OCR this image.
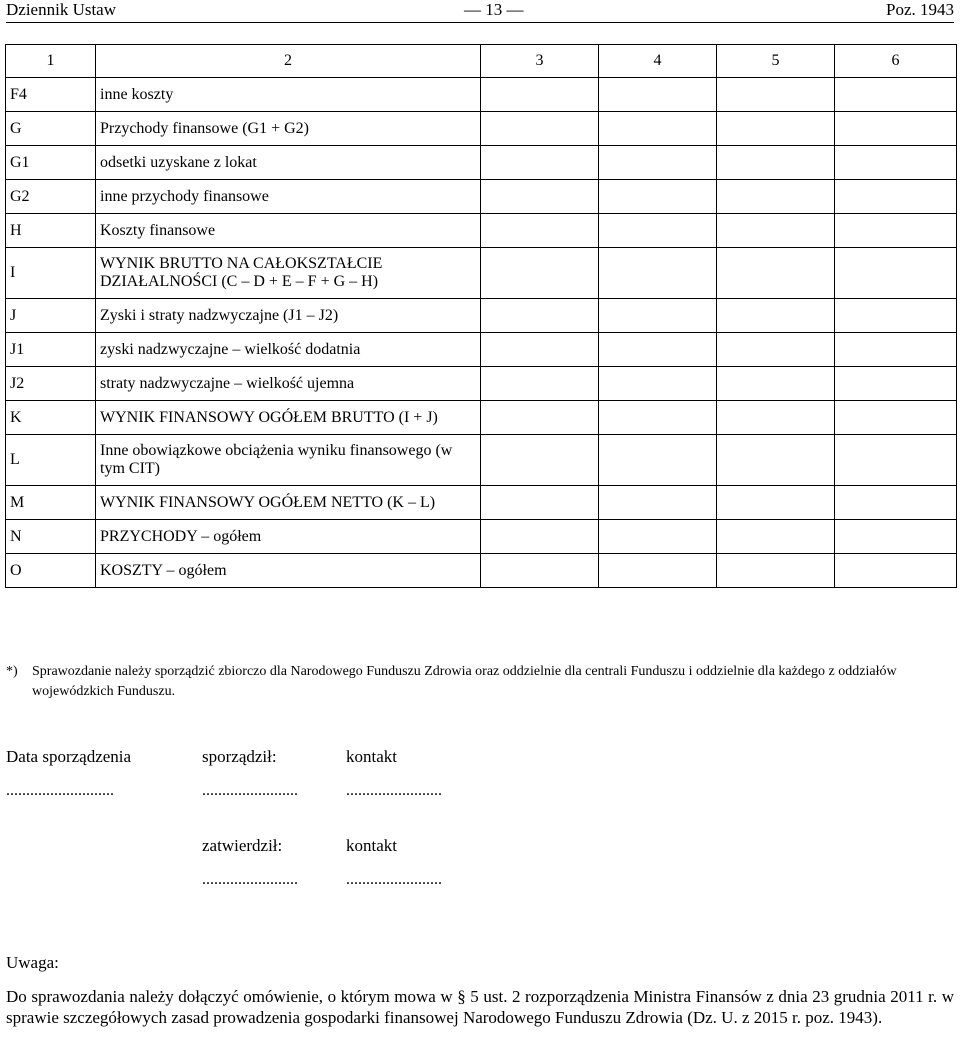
Dziennik Ustaw	— 13 —	Poz. 1943
1	2	3	4	5	6
F4	inne koszty				
G	Przychody finansowe (G1 + G2)				
G1	odsetki uzyskane z lokat				
G2	inne przychody finansowe				
H	Koszty finansowe				
I	WYNIK BRUTTO NA CAŁOKSZTAŁCIE DZIAŁALNOŚCI (C – D + E – F + G – H)				
J	Zyski i straty nadzwyczajne (J1 – J2)				
J1	zyski nadzwyczajne – wielkość dodatnia				
J2	straty nadzwyczajne – wielkość ujemna				
K	WYNIK FINANSOWY OGÓŁEM BRUTTO (I + J)				
L	Inne obowiązkowe obciążenia wyniku finansowego (w tym CIT)				
M	WYNIK FINANSOWY OGÓŁEM NETTO (K – L)				
N	PRZYCHODY – ogółem				
O	KOSZTY – ogółem				
*) Sprawozdanie należy sporządzić zbiorczo dla Narodowego Funduszu Zdrowia oraz oddzielnie dla centrali Funduszu i oddzielnie dla każdego z oddziałów wojewódzkich Funduszu.
Data sporządzenia	sporządził:	kontakt
...........................	........................	........................
zatwierdził:	kontakt
........................	........................
Uwaga:
Do sprawozdania należy dołączyć omówienie, o którym mowa w § 5 ust. 2 rozporządzenia Ministra Finansów z dnia 23 grudnia 2011 r. w sprawie szczegółowych zasad prowadzenia gospodarki finansowej Narodowego Funduszu Zdrowia (Dz. U. z 2015 r. poz. 1943).
